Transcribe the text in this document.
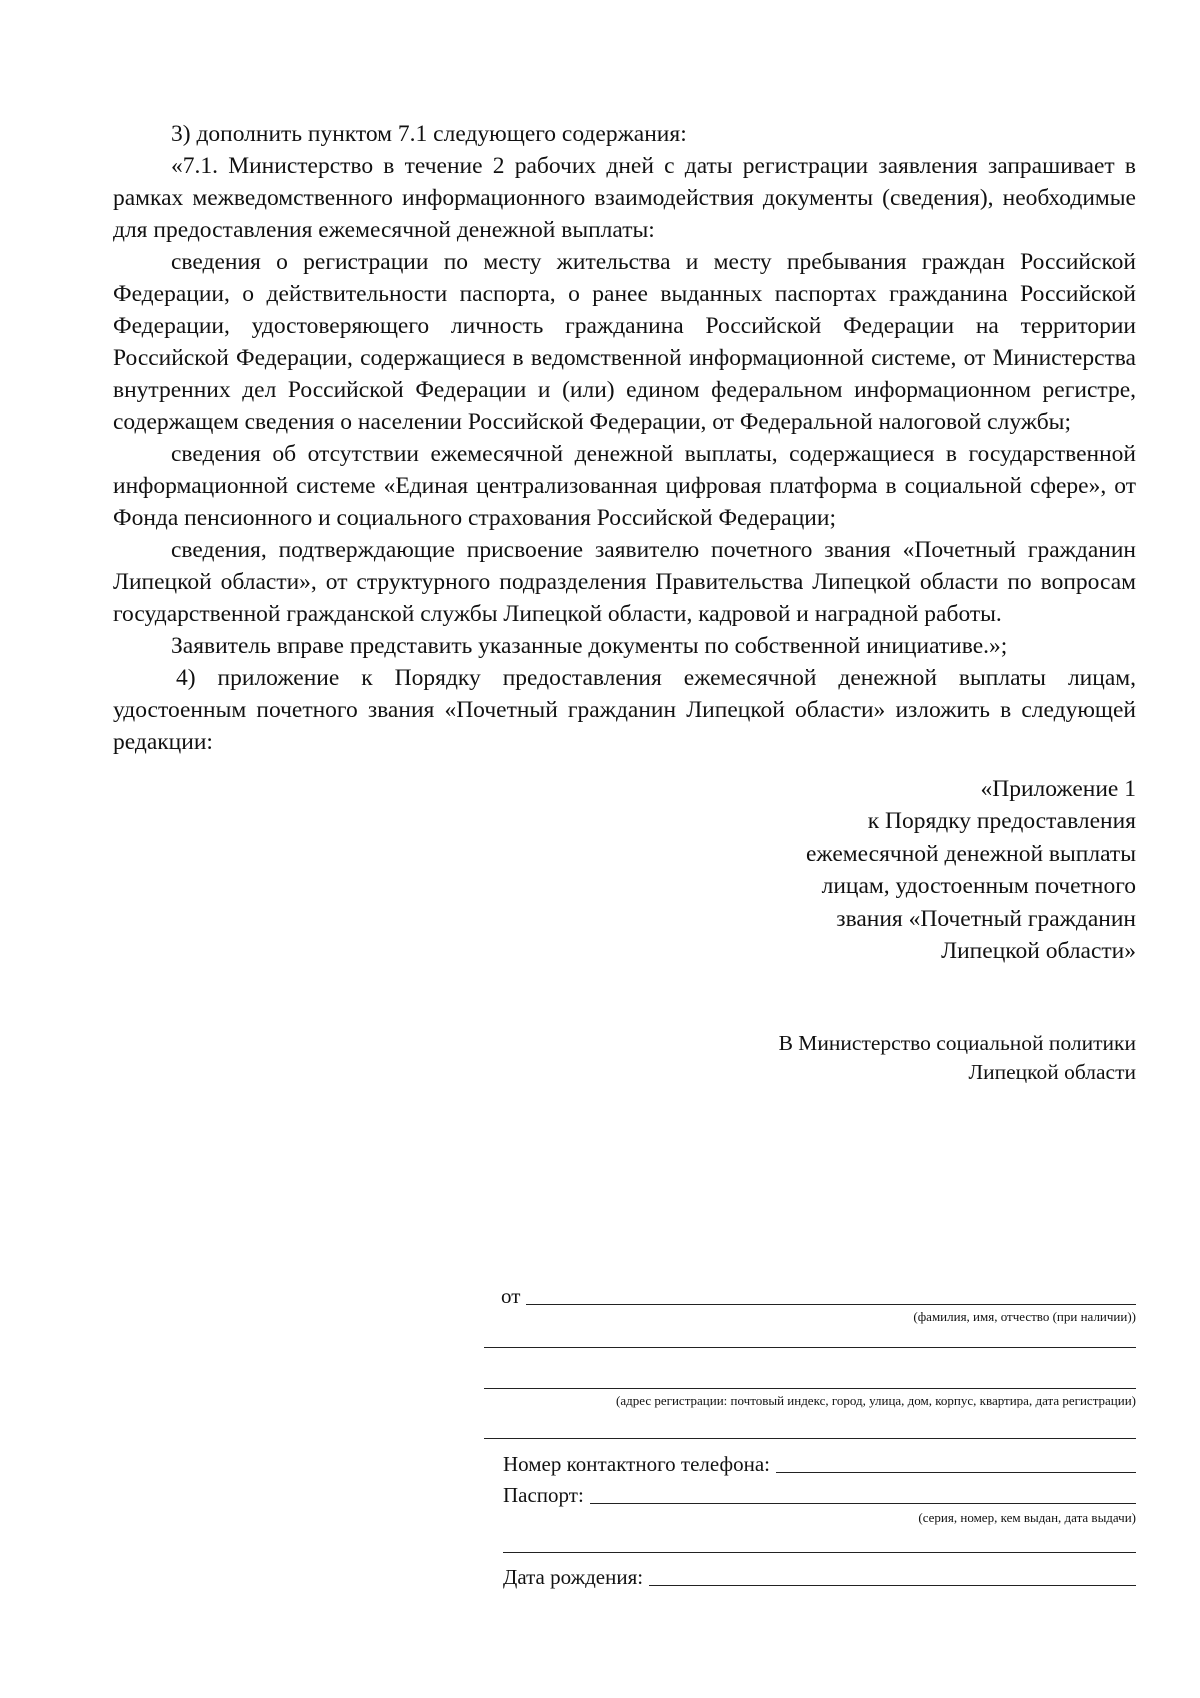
3) дополнить пунктом 7.1 следующего содержания:

«7.1. Министерство в течение 2 рабочих дней с даты регистрации заявления запрашивает в рамках межведомственного информационного взаимодействия документы (сведения), необходимые для предоставления ежемесячной денежной выплаты:

сведения о регистрации по месту жительства и месту пребывания граждан Российской Федерации, о действительности паспорта, о ранее выданных паспортах гражданина Российской Федерации, удостоверяющего личность гражданина Российской Федерации на территории Российской Федерации, содержащиеся в ведомственной информационной системе, от Министерства внутренних дел Российской Федерации и (или) едином федеральном информационном регистре, содержащем сведения о населении Российской Федерации, от Федеральной налоговой службы;

сведения об отсутствии ежемесячной денежной выплаты, содержащиеся в государственной информационной системе «Единая централизованная цифровая платформа в социальной сфере», от Фонда пенсионного и социального страхования Российской Федерации;

сведения, подтверждающие присвоение заявителю почетного звания «Почетный гражданин Липецкой области», от структурного подразделения Правительства Липецкой области по вопросам государственной гражданской службы Липецкой области, кадровой и наградной работы.

Заявитель вправе представить указанные документы по собственной инициативе.»;

4) приложение к Порядку предоставления ежемесячной денежной выплаты лицам, удостоенным почетного звания «Почетный гражданин Липецкой области» изложить в следующей редакции:

«Приложение 1
к Порядку предоставления
ежемесячной денежной выплаты
лицам, удостоенным почетного
звания «Почетный гражданин
Липецкой области»
В Министерство социальной политики
Липецкой области
от
(фамилия, имя, отчество (при наличии))
(адрес регистрации: почтовый индекс, город, улица, дом, корпус, квартира, дата регистрации)
Номер контактного телефона:
Паспорт:
(серия, номер, кем выдан, дата выдачи)
Дата рождения:
